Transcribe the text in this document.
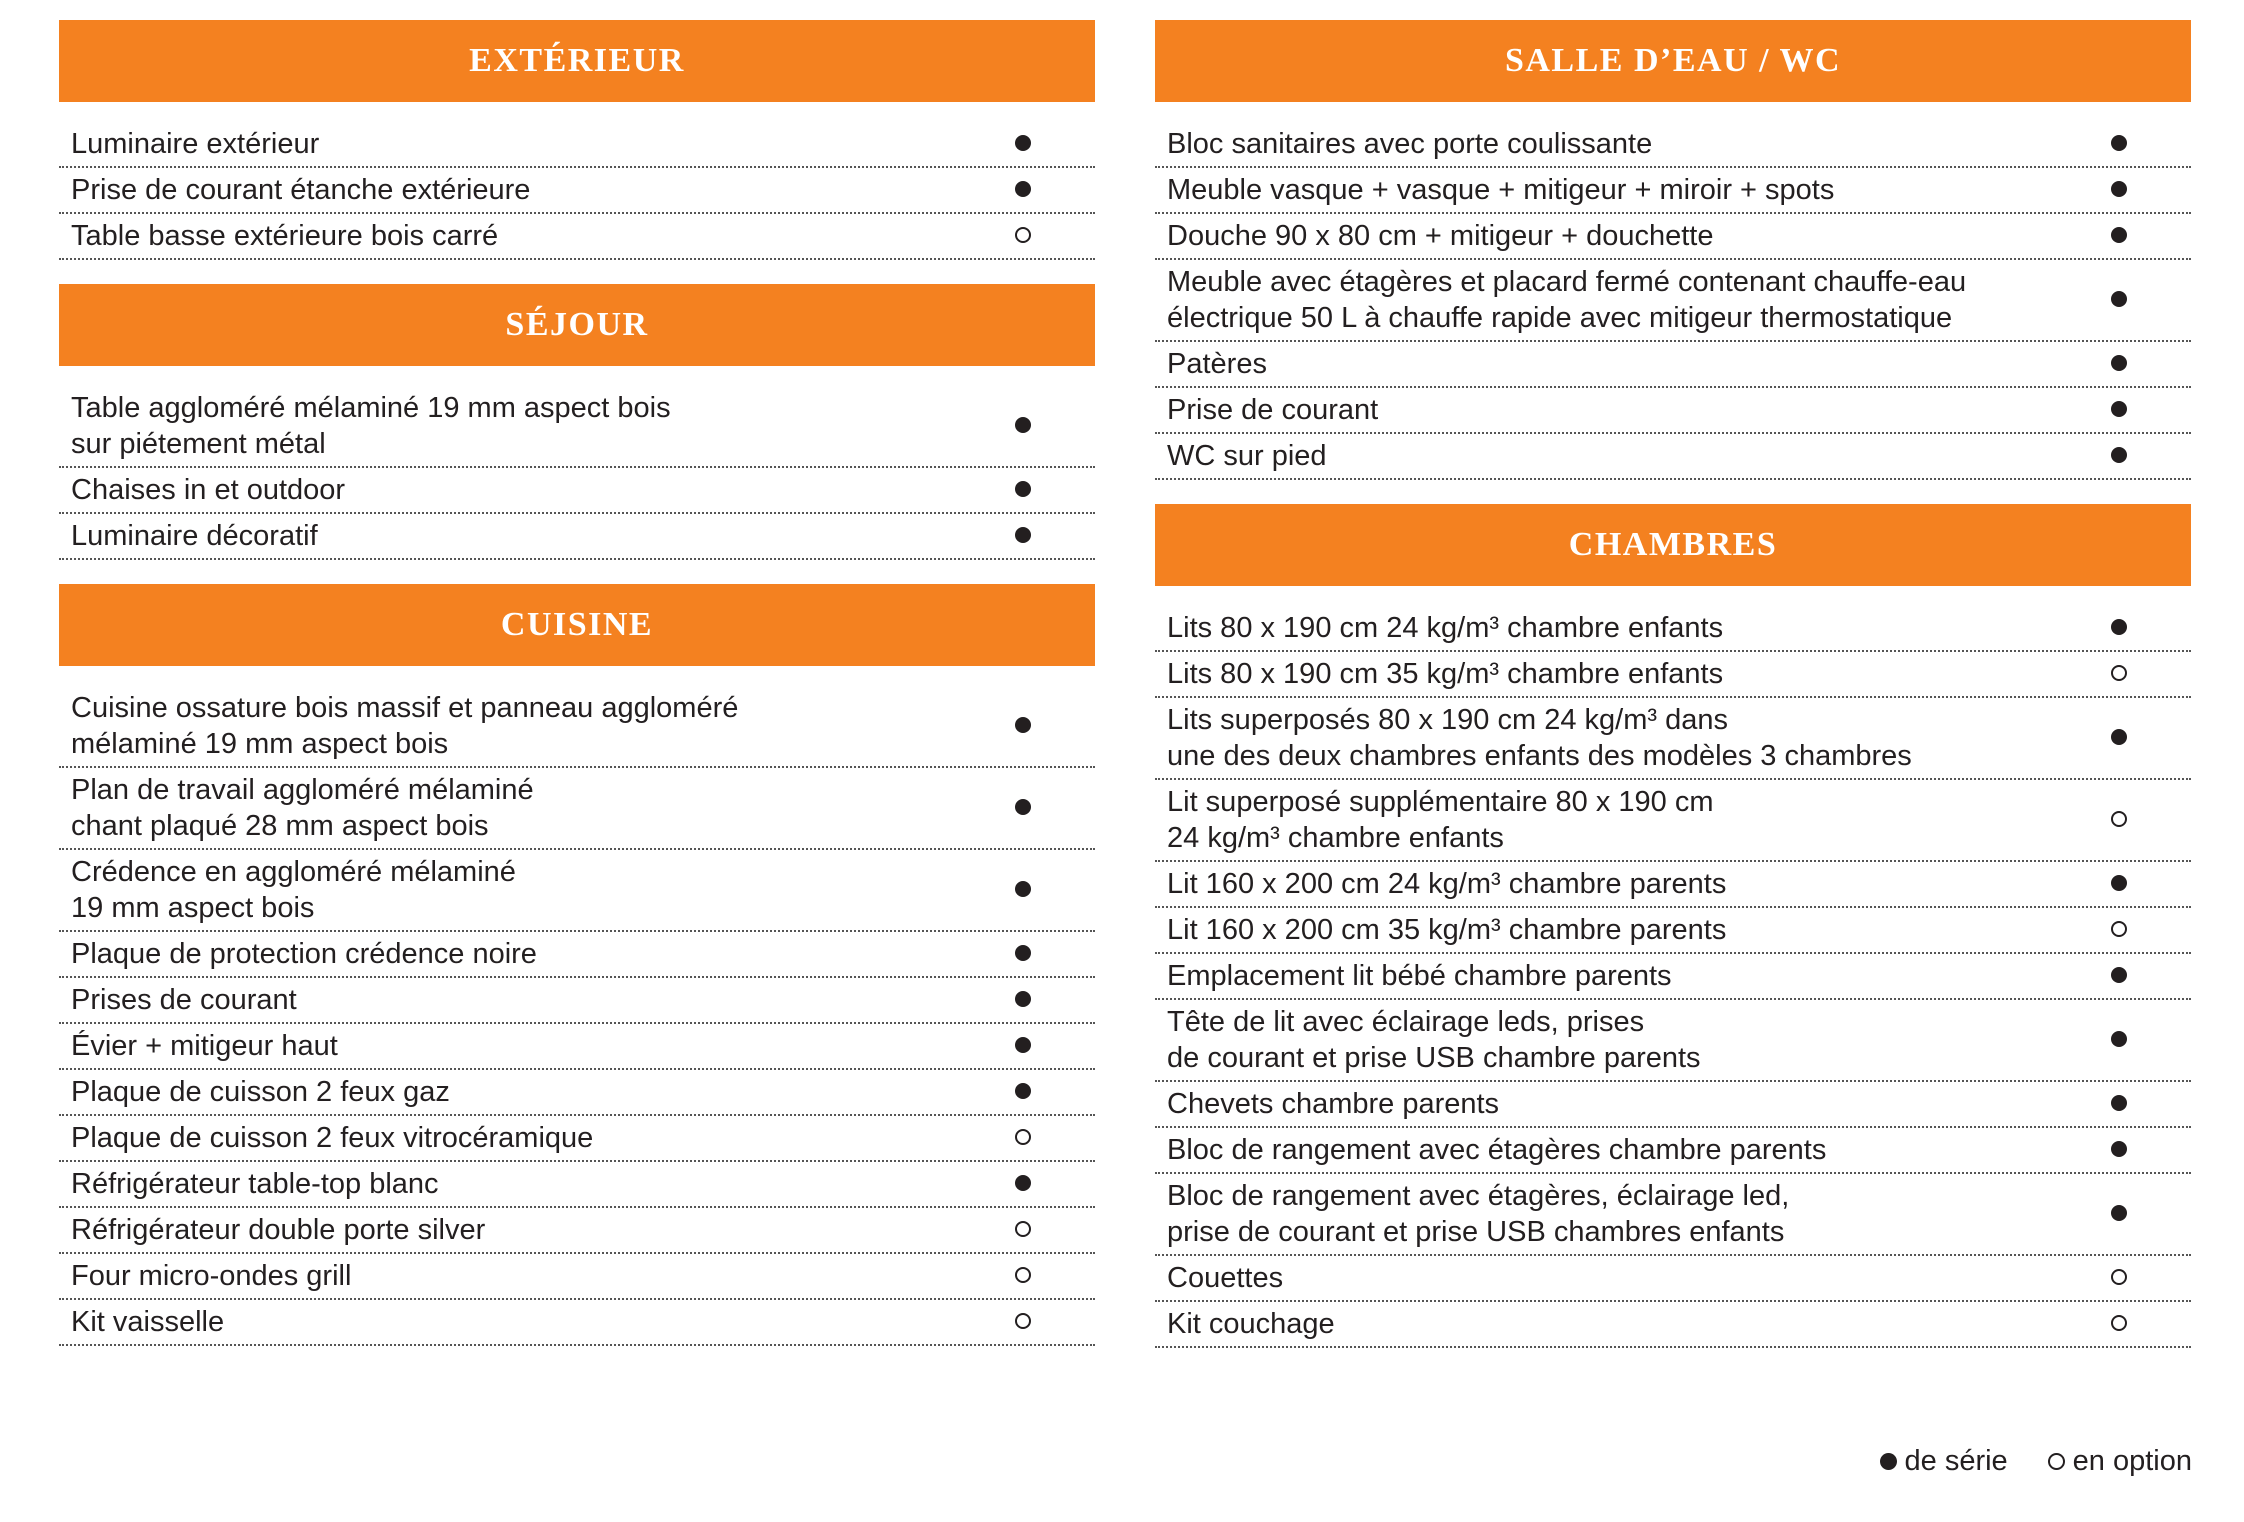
EXTÉRIEUR
Luminaire extérieur
Prise de courant étanche extérieure
Table basse extérieure bois carré
SÉJOUR
Table aggloméré mélaminé 19 mm aspect bois
sur piétement métal
Chaises in et outdoor
Luminaire décoratif
CUISINE
Cuisine ossature bois massif et panneau aggloméré
mélaminé 19 mm aspect bois
Plan de travail aggloméré mélaminé
chant plaqué 28 mm aspect bois
Crédence en aggloméré mélaminé
19 mm aspect bois
Plaque de protection crédence noire
Prises de courant
Évier + mitigeur haut
Plaque de cuisson 2 feux gaz
Plaque de cuisson 2 feux vitrocéramique
Réfrigérateur table-top blanc
Réfrigérateur double porte silver
Four micro-ondes grill
Kit vaisselle
SALLE D’EAU / WC
Bloc sanitaires avec porte coulissante
Meuble vasque + vasque + mitigeur + miroir + spots
Douche 90 x 80 cm + mitigeur + douchette
Meuble avec étagères et placard fermé contenant chauffe-eau
électrique 50 L à chauffe rapide avec mitigeur thermostatique
Patères
Prise de courant
WC sur pied
CHAMBRES
Lits 80 x 190 cm 24 kg/m³ chambre enfants
Lits 80 x 190 cm 35 kg/m³ chambre enfants
Lits superposés 80 x 190 cm 24 kg/m³ dans
une des deux chambres enfants des modèles 3 chambres
Lit superposé supplémentaire 80 x 190 cm
24 kg/m³ chambre enfants
Lit 160 x 200 cm 24 kg/m³ chambre parents
Lit 160 x 200 cm 35 kg/m³ chambre parents
Emplacement lit bébé chambre parents
Tête de lit avec éclairage leds, prises
de courant et prise USB chambre parents
Chevets chambre parents
Bloc de rangement avec étagères chambre parents
Bloc de rangement avec étagères, éclairage led,
prise de courant et prise USB chambres enfants
Couettes
Kit couchage
de série en option
